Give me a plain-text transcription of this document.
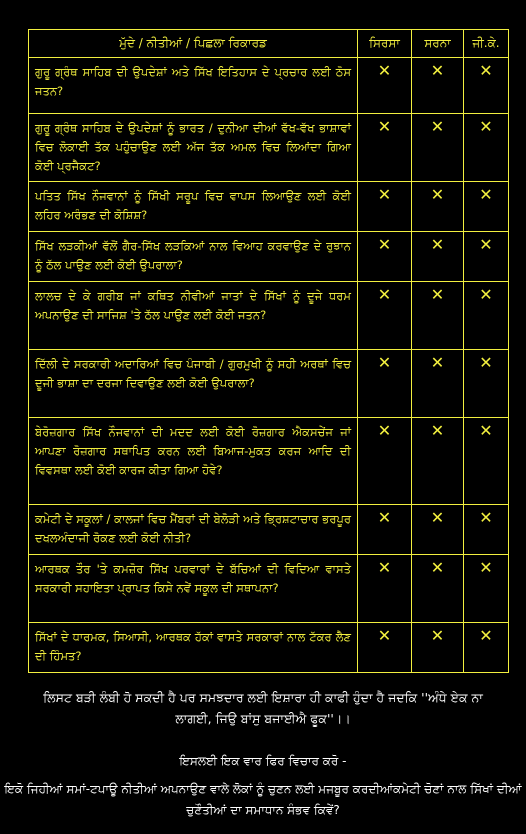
ਮੁੱਦੇ / ਨੀਤੀਆਂ / ਪਿਛਲਾ ਰਿਕਾਰਡ	ਸਿਰਸਾ	ਸਰਨਾ	ਜੀ.ਕੇ.
ਗੁਰੂ ਗ੍ਰੰਥ ਸਾਹਿਬ ਦੀ ਉਪਦੇਸ਼ਾਂ ਅਤੇ ਸਿੱਖ ਇਤਿਹਾਸ ਦੇ ਪ੍ਰਚਾਰ ਲਈ ਠੋਸ ਜਤਨ?	✕	✕	✕
ਗੁਰੂ ਗ੍ਰੰਥ ਸਾਹਿਬ ਦੇ ਉਪਦੇਸ਼ਾਂ ਨੂੰ ਭਾਰਤ / ਦੁਨੀਆ ਦੀਆਂ ਵੱਖ-ਵੱਖ ਭਾਸ਼ਾਵਾਂ ਵਿਚ ਲੋਕਾਈ ਤੱਕ ਪਹੁੰਚਾਉਣ ਲਈ ਅੱਜ ਤੱਕ ਅਮਲ ਵਿਚ ਲਿਆਂਦਾ ਗਿਆ ਕੋਈ ਪ੍ਰਜੈਕਟ?	✕	✕	✕
ਪਤਿਤ ਸਿੱਖ ਨੌਜਵਾਨਾਂ ਨੂੰ ਸਿੱਖੀ ਸਰੂਪ ਵਿਚ ਵਾਪਸ ਲਿਆਉਣ ਲਈ ਕੋਈ ਲਹਿਰ ਅਰੰਭਣ ਦੀ ਕੋਸ਼ਿਸ਼?	✕	✕	✕
ਸਿੱਖ ਲੜਕੀਆਂ ਵੱਲੋਂ ਗੈਰ-ਸਿੱਖ ਲੜਕਿਆਂ ਨਾਲ ਵਿਆਹ ਕਰਵਾਉਣ ਦੇ ਰੁਝਾਨ ਨੂੰ ਠੱਲ ਪਾਉਣ ਲਈ ਕੋਈ ਉਪਰਾਲਾ?	✕	✕	✕
ਲਾਲਚ ਦੇ ਕੇ ਗਰੀਬ ਜਾਂ ਕਥਿਤ ਨੀਵੀਆਂ ਜਾਤਾਂ ਦੇ ਸਿੱਖਾਂ ਨੂੰ ਦੂਜੇ ਧਰਮ ਅਪਨਾਉਣ ਦੀ ਸਾਜਿਸ਼ 'ਤੇ ਠੱਲ ਪਾਉਣ ਲਈ ਕੋਈ ਜਤਨ?	✕	✕	✕
ਦਿੱਲੀ ਦੇ ਸਰਕਾਰੀ ਅਦਾਰਿਆਂ ਵਿਚ ਪੰਜਾਬੀ / ਗੁਰਮੁਖੀ ਨੂੰ ਸਹੀ ਅਰਥਾਂ ਵਿਚ ਦੂਜੀ ਭਾਸ਼ਾ ਦਾ ਦਰਜਾ ਦਿਵਾਉਣ ਲਈ ਕੋਈ ਉਪਰਾਲਾ?	✕	✕	✕
ਬੇਰੋਜ਼ਗਾਰ ਸਿੱਖ ਨੌਜਵਾਨਾਂ ਦੀ ਮਦਦ ਲਈ ਕੋਈ ਰੋਜ਼ਗਾਰ ਐਕਸਚੇਂਜ ਜਾਂ ਆਪਣਾ ਰੋਜ਼ਗਾਰ ਸਥਾਪਿਤ ਕਰਨ ਲਈ ਬਿਆਜ-ਮੁਕਤ ਕਰਜ ਆਦਿ ਦੀ ਵਿਵਸਥਾ ਲਈ ਕੋਈ ਕਾਰਜ ਕੀਤਾ ਗਿਆ ਹੋਵੇ?	✕	✕	✕
ਕਮੇਟੀ ਦੇ ਸਕੂਲਾਂ / ਕਾਲਜਾਂ ਵਿਚ ਮੈਂਬਰਾਂ ਦੀ ਬੇਲੋੜੀ ਅਤੇ ਭ੍ਰਿਸ਼ਟਾਚਾਰ ਭਰਪੂਰ ਦਖਲਅੰਦਾਜੀ ਰੋਕਣ ਲਈ ਕੋਈ ਨੀਤੀ?	✕	✕	✕
ਆਰਥਕ ਤੌਰ 'ਤੇ ਕਮਜ਼ੋਰ ਸਿੱਖ ਪਰਵਾਰਾਂ ਦੇ ਬੱਚਿਆਂ ਦੀ ਵਿਦਿਆ ਵਾਸਤੇ ਸਰਕਾਰੀ ਸਹਾਇਤਾ ਪ੍ਰਾਪਤ ਕਿਸੇ ਨਵੇਂ ਸਕੂਲ ਦੀ ਸਥਾਪਨਾ?	✕	✕	✕
ਸਿੱਖਾਂ ਦੇ ਧਾਰਮਕ, ਸਿਆਸੀ, ਆਰਥਕ ਹੱਕਾਂ ਵਾਸਤੇ ਸਰਕਾਰਾਂ ਨਾਲ ਟੱਕਰ ਲੈਣ ਦੀ ਹਿੰਮਤ?	✕	✕	✕

ਲਿਸਟ ਬੜੀ ਲੰਬੀ ਹੋ ਸਕਦੀ ਹੈ ਪਰ ਸਮਝਦਾਰ ਲਈ ਇਸ਼ਾਰਾ ਹੀ ਕਾਫੀ ਹੁੰਦਾ ਹੈ ਜਦਕਿ ''ਅੰਧੇ ਏਕ ਨਾ ਲਾਗਈ, ਜਿਉ ਬਾਂਸੁ ਬਜਾਈਐ ਫੂਕ''।।

ਇਸਲਈ ਇਕ ਵਾਰ ਫਿਰ ਵਿਚਾਰ ਕਰੋ -

ਇਕੋ ਜਿਹੀਆਂ ਸਮਾਂ-ਟਪਾਊ ਨੀਤੀਆਂ ਅਪਨਾਉਣ ਵਾਲੇ ਲੋਕਾਂ ਨੂੰ ਚੁਣਨ ਲਈ ਮਜਬੂਰ ਕਰਦੀਆਂਕਮੇਟੀ ਚੋਣਾਂ ਨਾਲ ਸਿੱਖਾਂ ਦੀਆਂ ਚੁਣੌਤੀਆਂ ਦਾ ਸਮਾਧਾਨ ਸੰਭਵ ਕਿਵੇਂ?
